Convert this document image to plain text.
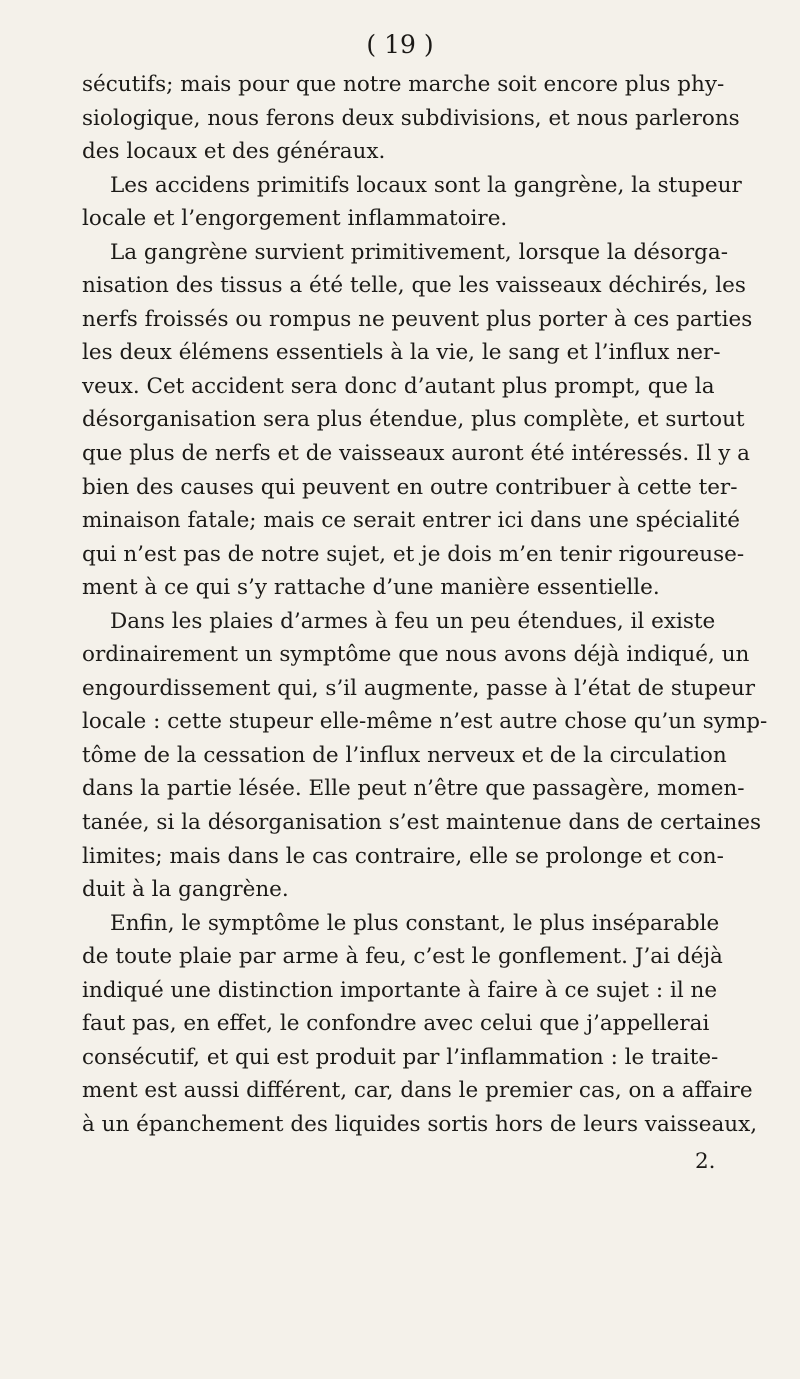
( 19 )
sécutifs; mais pour que notre marche soit encore plus phy-
siologique, nous ferons deux subdivisions, et nous parlerons
des locaux et des généraux.
Les accidens primitifs locaux sont la gangrène, la stupeur
locale et l’engorgement inflammatoire.
La gangrène survient primitivement, lorsque la désorga-
nisation des tissus a été telle, que les vaisseaux déchirés, les
nerfs froissés ou rompus ne peuvent plus porter à ces parties
les deux élémens essentiels à la vie, le sang et l’influx ner-
veux. Cet accident sera donc d’autant plus prompt, que la
désorganisation sera plus étendue, plus complète, et surtout
que plus de nerfs et de vaisseaux auront été intéressés. Il y a
bien des causes qui peuvent en outre contribuer à cette ter-
minaison fatale; mais ce serait entrer ici dans une spécialité
qui n’est pas de notre sujet, et je dois m’en tenir rigoureuse-
ment à ce qui s’y rattache d’une manière essentielle.
Dans les plaies d’armes à feu un peu étendues, il existe
ordinairement un symptôme que nous avons déjà indiqué, un
engourdissement qui, s’il augmente, passe à l’état de stupeur
locale : cette stupeur elle-même n’est autre chose qu’un symp-
tôme de la cessation de l’influx nerveux et de la circulation
dans la partie lésée. Elle peut n’être que passagère, momen-
tanée, si la désorganisation s’est maintenue dans de certaines
limites; mais dans le cas contraire, elle se prolonge et con-
duit à la gangrène.
Enfin, le symptôme le plus constant, le plus inséparable
de toute plaie par arme à feu, c’est le gonflement. J’ai déjà
indiqué une distinction importante à faire à ce sujet : il ne
faut pas, en effet, le confondre avec celui que j’appellerai
consécutif, et qui est produit par l’inflammation : le traite-
ment est aussi différent, car, dans le premier cas, on a affaire
à un épanchement des liquides sortis hors de leurs vaisseaux,
2.
